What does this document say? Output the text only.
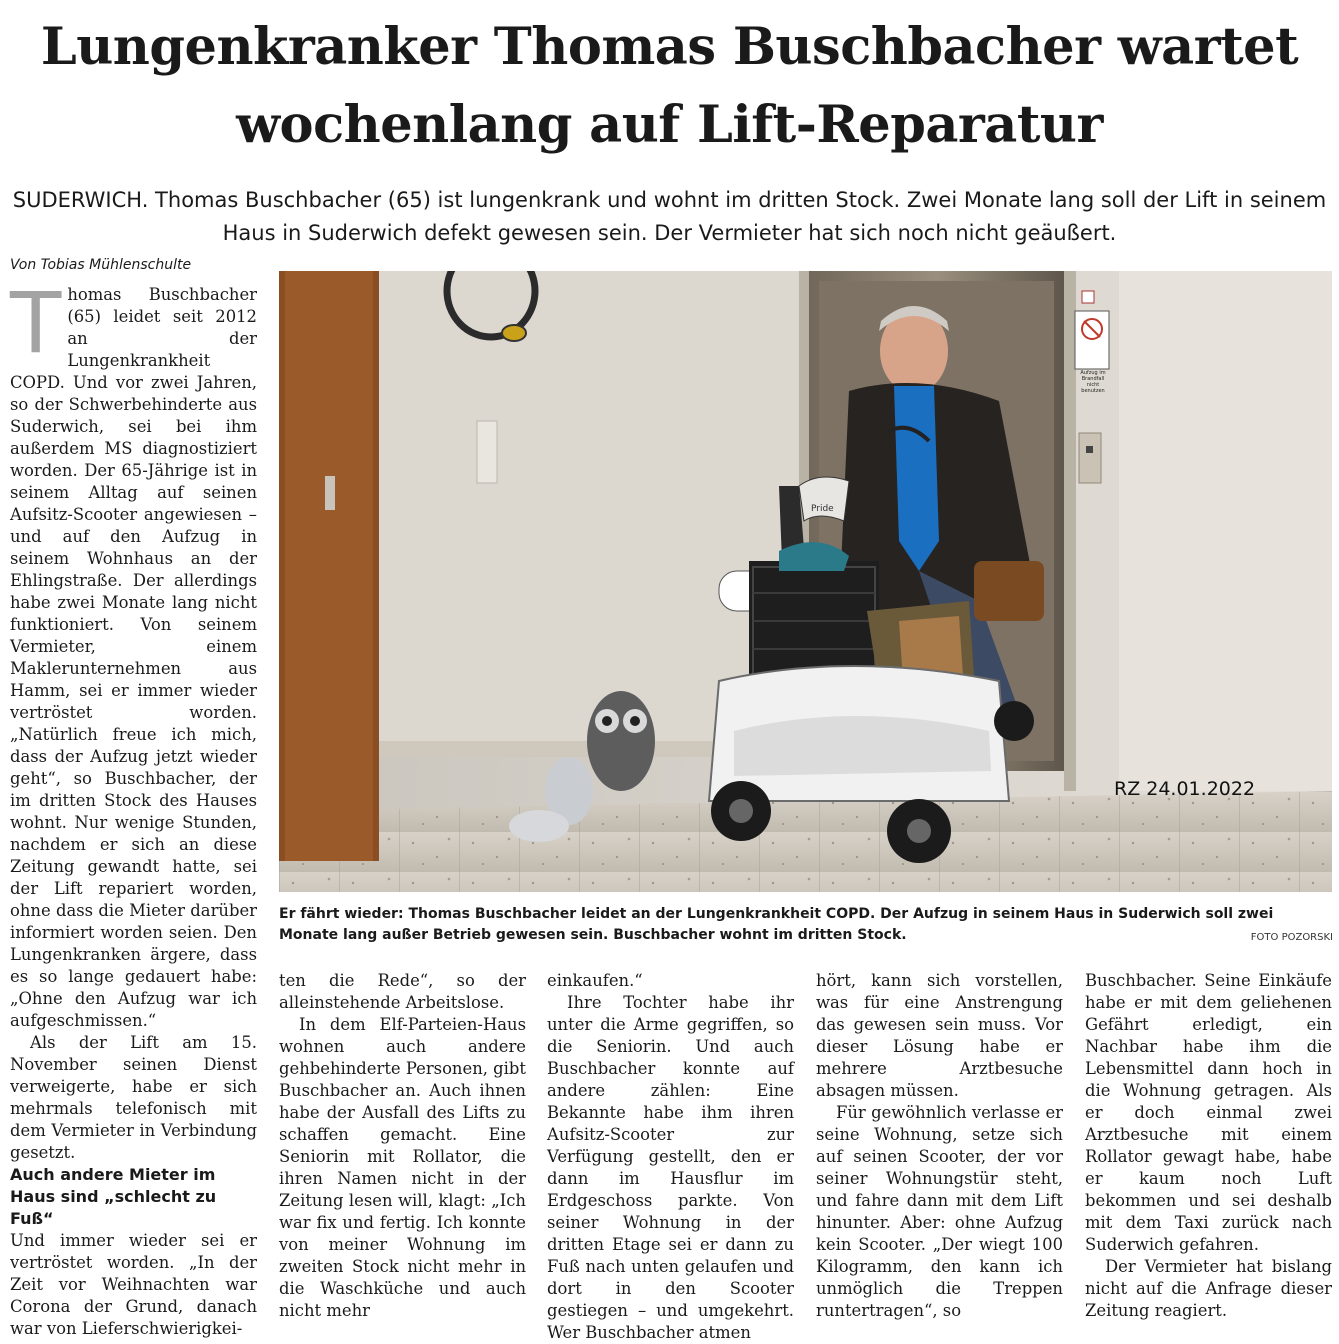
Lungenkranker Thomas Buschbacher wartet wochenlang auf Lift-Reparatur

SUDERWICH. Thomas Buschbacher (65) ist lungenkrank und wohnt im dritten Stock. Zwei Monate lang soll der Lift in seinem Haus in Suderwich defekt gewesen sein. Der Vermieter hat sich noch nicht geäußert.

Von Tobias Mühlenschulte

Thomas Buschbacher (65) leidet seit 2012 an der Lungenkrankheit COPD. Und vor zwei Jahren, so der Schwerbehinderte aus Suderwich, sei bei ihm außerdem MS diagnostiziert worden. Der 65-Jährige ist in seinem Alltag auf seinen Aufsitz-Scooter angewiesen – und auf den Aufzug in seinem Wohnhaus an der Ehlingstraße. Der allerdings habe zwei Monate lang nicht funktioniert. Von seinem Vermieter, einem Maklerunternehmen aus Hamm, sei er immer wieder vertröstet worden. „Natürlich freue ich mich, dass der Aufzug jetzt wieder geht“, so Buschbacher, der im dritten Stock des Hauses wohnt. Nur wenige Stunden, nachdem er sich an diese Zeitung gewandt hatte, sei der Lift repariert worden, ohne dass die Mieter darüber informiert worden seien. Den Lungenkranken ärgere, dass es so lange gedauert habe: „Ohne den Aufzug war ich aufgeschmissen.“

Als der Lift am 15. November seinen Dienst verweigerte, habe er sich mehrmals telefonisch mit dem Vermieter in Verbindung gesetzt.

Auch andere Mieter im Haus sind „schlecht zu Fuß“

Und immer wieder sei er vertröstet worden. „In der Zeit vor Weihnachten war Corona der Grund, danach war von Lieferschwierigkei-

RZ 24.01.2022
Aufzug im Brandfall nicht benutzen
Pride

Er fährt wieder: Thomas Buschbacher leidet an der Lungenkrankheit COPD. Der Aufzug in seinem Haus in Suderwich soll zwei Monate lang außer Betrieb gewesen sein. Buschbacher wohnt im dritten Stock.	FOTO POZORSKI

ten die Rede“, so der alleinstehende Arbeitslose.

In dem Elf-Parteien-Haus wohnen auch andere gehbehinderte Personen, gibt Buschbacher an. Auch ihnen habe der Ausfall des Lifts zu schaffen gemacht. Eine Seniorin mit Rollator, die ihren Namen nicht in der Zeitung lesen will, klagt: „Ich war fix und fertig. Ich konnte von meiner Wohnung im zweiten Stock nicht mehr in die Waschküche und auch nicht mehr

einkaufen.“

Ihre Tochter habe ihr unter die Arme gegriffen, so die Seniorin. Und auch Buschbacher konnte auf andere zählen: Eine Bekannte habe ihm ihren Aufsitz-Scooter zur Verfügung gestellt, den er dann im Hausflur im Erdgeschoss parkte. Von seiner Wohnung in der dritten Etage sei er dann zu Fuß nach unten gelaufen und dort in den Scooter gestiegen – und umgekehrt. Wer Buschbacher atmen

hört, kann sich vorstellen, was für eine Anstrengung das gewesen sein muss. Vor dieser Lösung habe er mehrere Arztbesuche absagen müssen.

Für gewöhnlich verlasse er seine Wohnung, setze sich auf seinen Scooter, der vor seiner Wohnungstür steht, und fahre dann mit dem Lift hinunter. Aber: ohne Aufzug kein Scooter. „Der wiegt 100 Kilogramm, den kann ich unmöglich die Treppen runtertragen“, so

Buschbacher. Seine Einkäufe habe er mit dem geliehenen Gefährt erledigt, ein Nachbar habe ihm die Lebensmittel dann hoch in die Wohnung getragen. Als er doch einmal zwei Arztbesuche mit einem Rollator gewagt habe, habe er kaum noch Luft bekommen und sei deshalb mit dem Taxi zurück nach Suderwich gefahren.

Der Vermieter hat bislang nicht auf die Anfrage dieser Zeitung reagiert.
